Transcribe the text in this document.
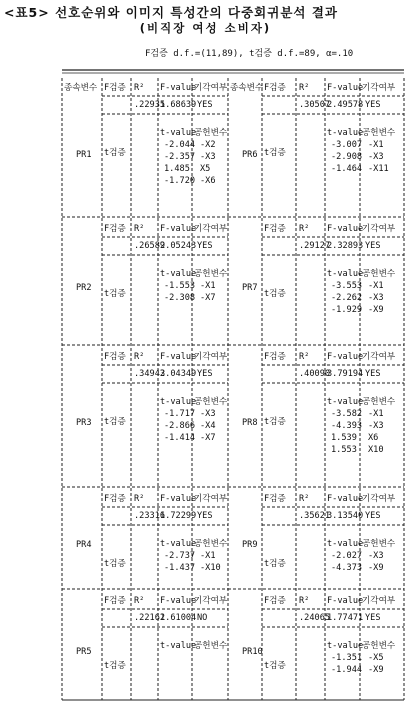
<표5> 선호순위와 이미지 특성간의 다중회귀분석 결과
(비직장 여성 소비자)
F검증 d.f.=(11,89), t검증 d.f.=89, α=.10
종속변수 F검증 R² F-value
기각여부
.22935
1.68639 YES
t검증
t-value
공헌변수
-2.044 -X2
-2.357 -X3
1.485 X5
-1.720 -X6
PR1
F검증 R² F-value
기각여부
.26589
2.05243 YES
t검증
t-value
공헌변수
-1.553 -X1
-2.308 -X7
PR2
F검증 R² F-value
기각여부
.34942
3.04349 YES
t검증
t-value
공헌변수
-1.717 -X3
-2.866 -X4
-1.414 -X7
PR3
F검증 R² F-value
기각여부
.23316
1.72299 YES
t검증
t-value
공헌변수
-2.737 -X1
-1.437 -X10
PR4
F검증 R² F-value
기각여부
.22162
1.61004 NO
t검증
t-value
공헌변수
PR5
종속변수 F검증 R² F-value
기각여부
.30507
2.49578 YES
t검증
t-value
공헌변수
-3.007 -X1
-2.908 -X3
-1.464 -X11
PR6
F검증 R² F-value
기각여부
.29127
2.32893 YES
t검증
t-value
공헌변수
-3.553 -X1
-2.262 -X3
-1.929 -X9
PR7
F검증 R² F-value
기각여부
.40090
3.79194 YES
t검증
t-value
공헌변수
-3.582 -X1
-4.393 -X3
1.539 X6
1.553 X10
PR8
F검증 R² F-value
기각여부
.35621
3.13540 YES
t검증
t-value
공헌변수
-2.027 -X3
-4.373 -X9
PR9
F검증 R² F-value
기각여부
.24065
1.77471 YES
t검증
t-value
공헌변수
-1.351 -X5
-1.944 -X9
PR10
